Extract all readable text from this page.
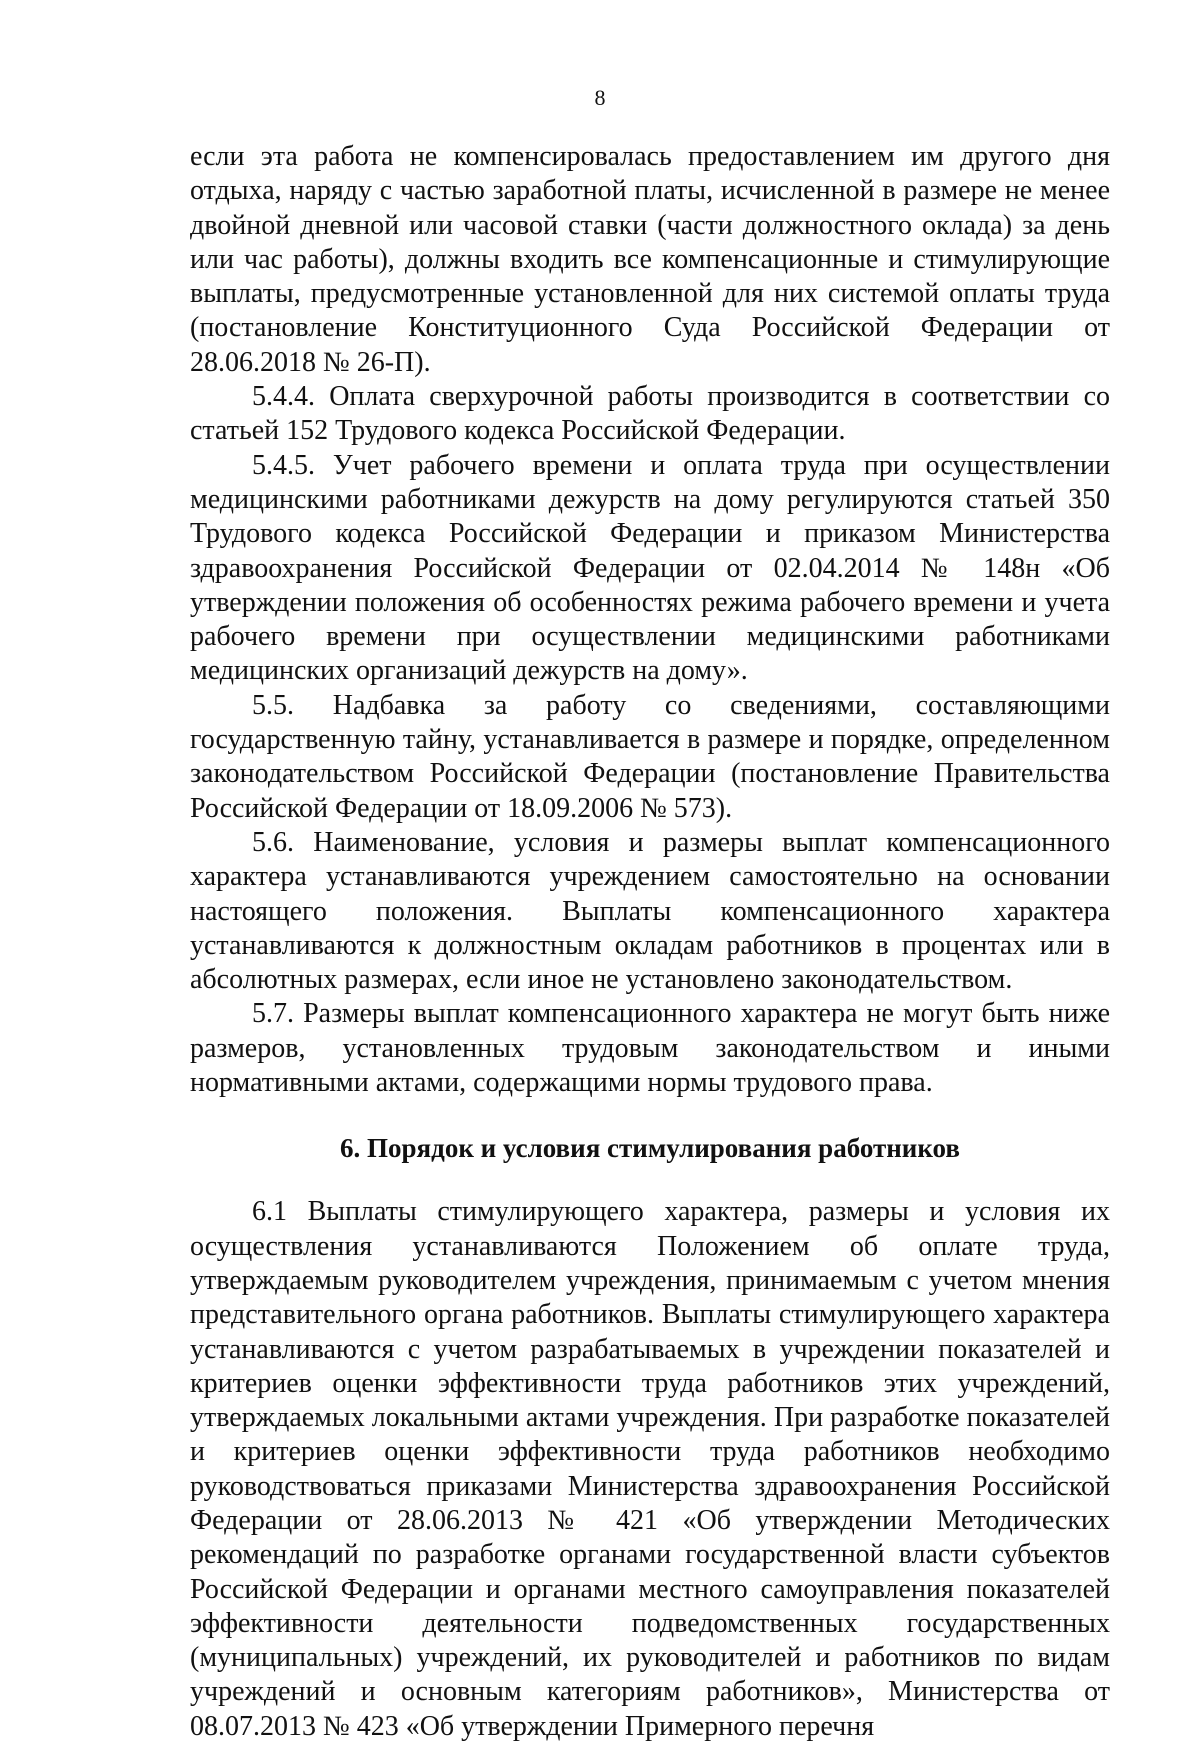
8

если эта работа не компенсировалась предоставлением им другого дня отдыха, наряду с частью заработной платы, исчисленной в размере не менее двойной дневной или часовой ставки (части должностного оклада) за день или час работы), должны входить все компенсационные и стимулирующие выплаты, предусмотренные установленной для них системой оплаты труда (постановление Конституционного Суда Российской Федерации от 28.06.2018 № 26-П).

5.4.4. Оплата сверхурочной работы производится в соответствии со статьей 152 Трудового кодекса Российской Федерации.

5.4.5. Учет рабочего времени и оплата труда при осуществлении медицинскими работниками дежурств на дому регулируются статьей 350 Трудового кодекса Российской Федерации и приказом Министерства здравоохранения Российской Федерации от 02.04.2014 № 148н «Об утверждении положения об особенностях режима рабочего времени и учета рабочего времени при осуществлении медицинскими работниками медицинских организаций дежурств на дому».

5.5. Надбавка за работу со сведениями, составляющими государственную тайну, устанавливается в размере и порядке, определенном законодательством Российской Федерации (постановление Правительства Российской Федерации от 18.09.2006 № 573).

5.6. Наименование, условия и размеры выплат компенсационного характера устанавливаются учреждением самостоятельно на основании настоящего положения. Выплаты компенсационного характера устанавливаются к должностным окладам работников в процентах или в абсолютных размерах, если иное не установлено законодательством.

5.7. Размеры выплат компенсационного характера не могут быть ниже размеров, установленных трудовым законодательством и иными нормативными актами, содержащими нормы трудового права.

6. Порядок и условия стимулирования работников

6.1 Выплаты стимулирующего характера, размеры и условия их осуществления устанавливаются Положением об оплате труда, утверждаемым руководителем учреждения, принимаемым с учетом мнения представительного органа работников. Выплаты стимулирующего характера устанавливаются с учетом разрабатываемых в учреждении показателей и критериев оценки эффективности труда работников этих учреждений, утверждаемых локальными актами учреждения. При разработке показателей и критериев оценки эффективности труда работников необходимо руководствоваться приказами Министерства здравоохранения Российской Федерации от 28.06.2013 № 421 «Об утверждении Методических рекомендаций по разработке органами государственной власти субъектов Российской Федерации и органами местного самоуправления показателей эффективности деятельности подведомственных государственных (муниципальных) учреждений, их руководителей и работников по видам учреждений и основным категориям работников», Министерства от 08.07.2013 № 423 «Об утверждении Примерного перечня
